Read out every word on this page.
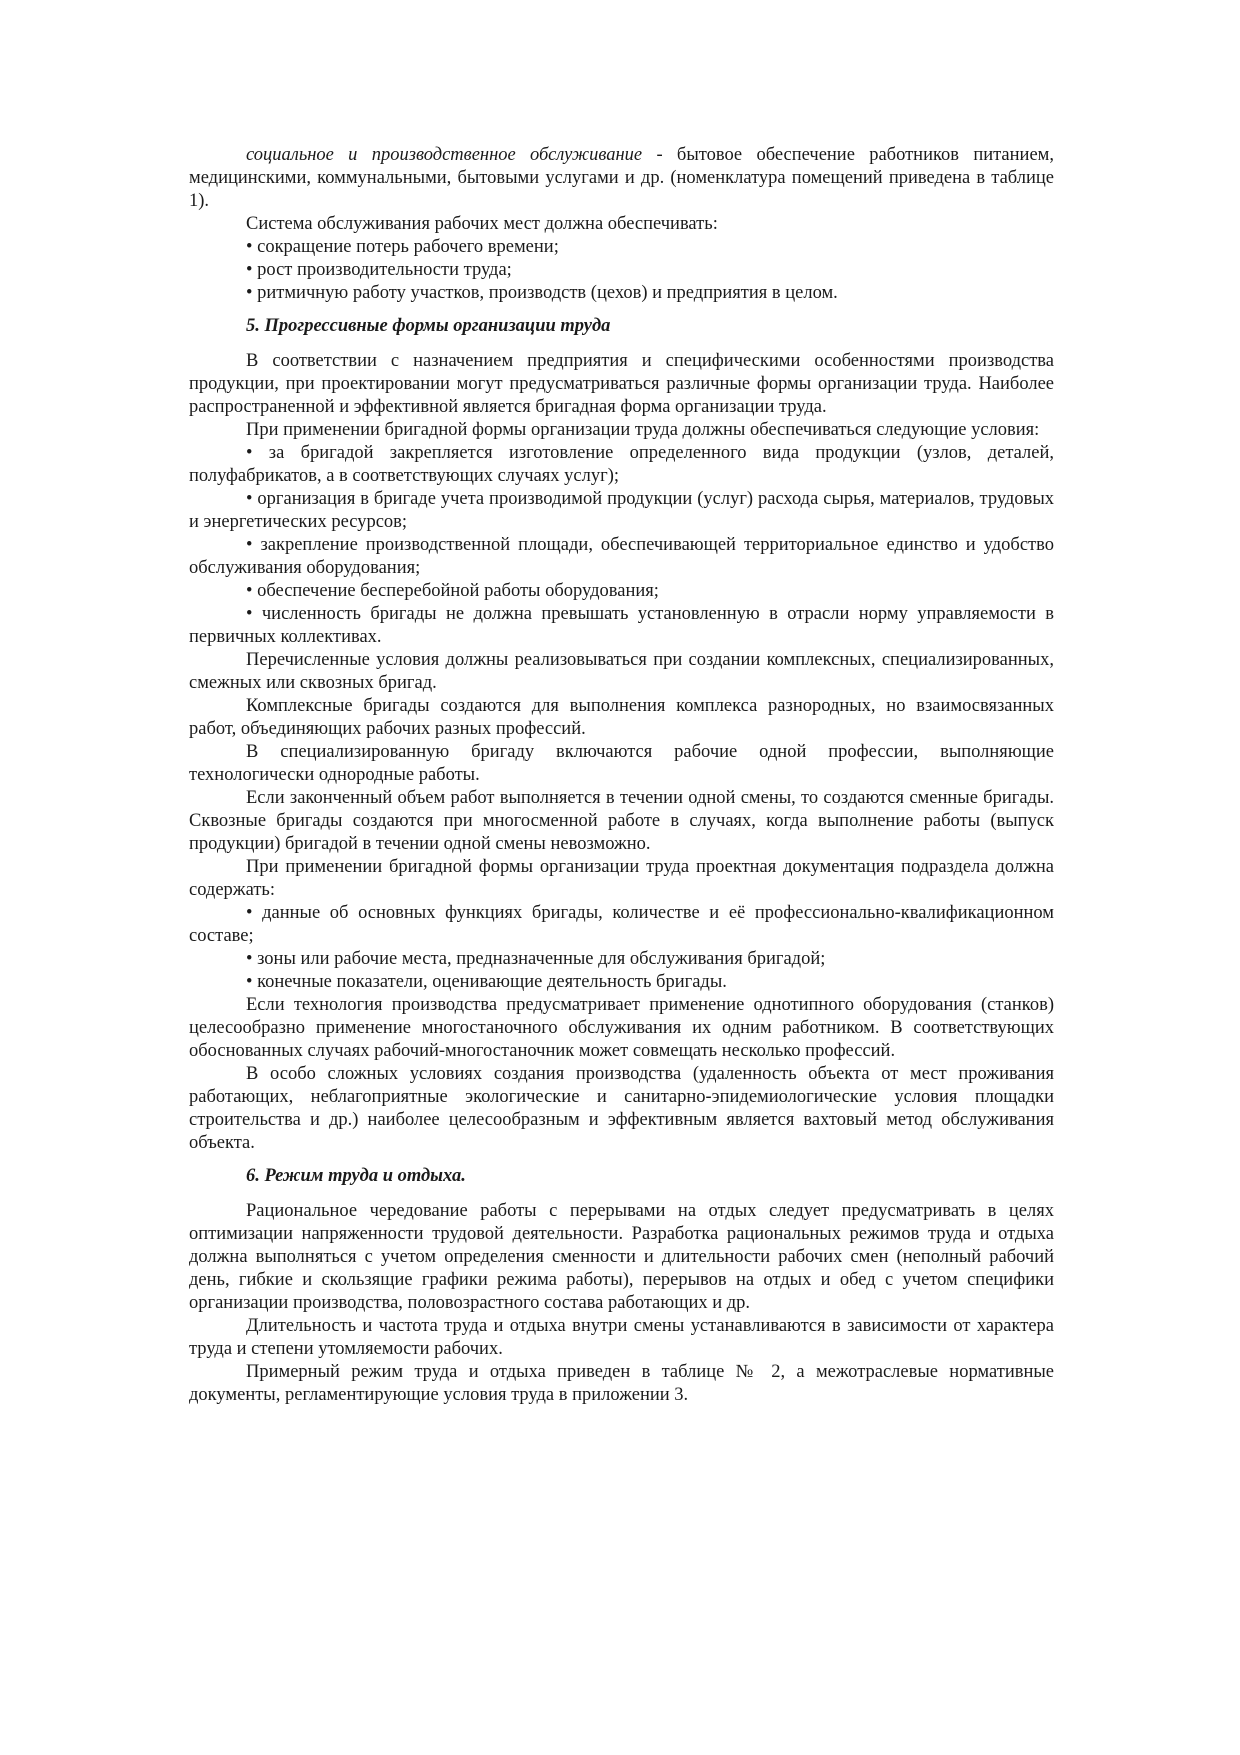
социальное и производственное обслуживание - бытовое обеспечение работников питанием, медицинскими, коммунальными, бытовыми услугами и др. (номенклатура помещений приведена в таблице 1).

Система обслуживания рабочих мест должна обеспечивать:

• сокращение потерь рабочего времени;
• рост производительности труда;
• ритмичную работу участков, производств (цехов) и предприятия в целом.
5. Прогрессивные формы организации труда

В соответствии с назначением предприятия и специфическими особенностями производства продукции, при проектировании могут предусматриваться различные формы организации труда. Наиболее распространенной и эффективной является бригадная форма организации труда.

При применении бригадной формы организации труда должны обеспечиваться следующие условия:

• за бригадой закрепляется изготовление определенного вида продукции (узлов, деталей, полуфабрикатов, а в соответствующих случаях услуг);

• организация в бригаде учета производимой продукции (услуг) расхода сырья, материалов, трудовых и энергетических ресурсов;

• закрепление производственной площади, обеспечивающей территориальное единство и удобство обслуживания оборудования;

• обеспечение бесперебойной работы оборудования;

• численность бригады не должна превышать установленную в отрасли норму управляемости в первичных коллективах.

Перечисленные условия должны реализовываться при создании комплексных, специализированных, смежных или сквозных бригад.

Комплексные бригады создаются для выполнения комплекса разнородных, но взаимосвязанных работ, объединяющих рабочих разных профессий.

В специализированную бригаду включаются рабочие одной профессии, выполняющие технологически однородные работы.

Если законченный объем работ выполняется в течении одной смены, то создаются сменные бригады. Сквозные бригады создаются при многосменной работе в случаях, когда выполнение работы (выпуск продукции) бригадой в течении одной смены невозможно.

При применении бригадной формы организации труда проектная документация подраздела должна содержать:

• данные об основных функциях бригады, количестве и её профессионально-квалификационном составе;

• зоны или рабочие места, предназначенные для обслуживания бригадой;

• конечные показатели, оценивающие деятельность бригады.

Если технология производства предусматривает применение однотипного оборудования (станков) целесообразно применение многостаночного обслуживания их одним работником. В соответствующих обоснованных случаях рабочий-многостаночник может совмещать несколько профессий.

В особо сложных условиях создания производства (удаленность объекта от мест проживания работающих, неблагоприятные экологические и санитарно-эпидемиологические условия площадки строительства и др.) наиболее целесообразным и эффективным является вахтовый метод обслуживания объекта.

6. Режим труда и отдыха.

Рациональное чередование работы с перерывами на отдых следует предусматривать в целях оптимизации напряженности трудовой деятельности. Разработка рациональных режимов труда и отдыха должна выполняться с учетом определения сменности и длительности рабочих смен (неполный рабочий день, гибкие и скользящие графики режима работы), перерывов на отдых и обед с учетом специфики организации производства, половозрастного состава работающих и др.

Длительность и частота труда и отдыха внутри смены устанавливаются в зависимости от характера труда и степени утомляемости рабочих.

Примерный режим труда и отдыха приведен в таблице № 2, а межотраслевые нормативные документы, регламентирующие условия труда в приложении 3.
